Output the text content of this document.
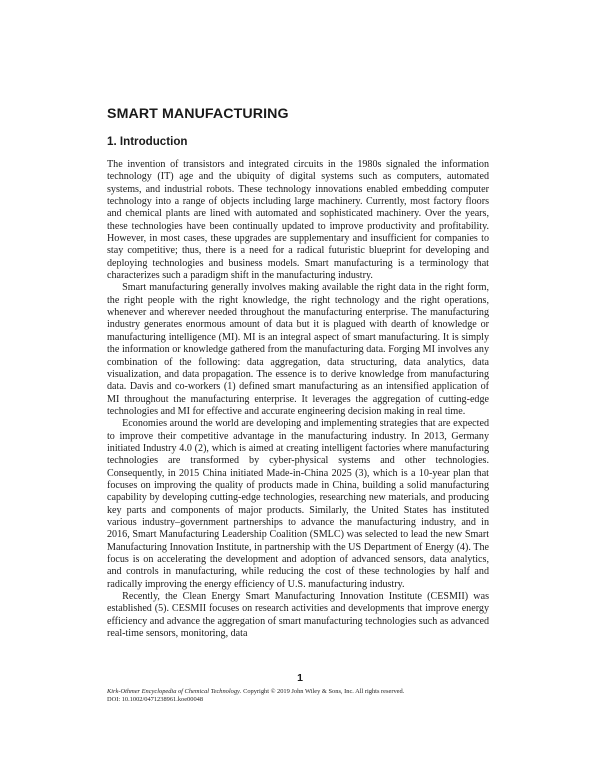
SMART MANUFACTURING
1. Introduction

The invention of transistors and integrated circuits in the 1980s signaled the information technology (IT) age and the ubiquity of digital systems such as computers, automated systems, and industrial robots. These technology innovations enabled embedding computer technology into a range of objects including large machinery. Currently, most factory floors and chemical plants are lined with automated and sophisticated machinery. Over the years, these technologies have been continually updated to improve productivity and profitability. However, in most cases, these upgrades are supplementary and insufficient for companies to stay competitive; thus, there is a need for a radical futuristic blueprint for developing and deploying technologies and business models. Smart manufacturing is a terminology that characterizes such a paradigm shift in the manufacturing industry.

Smart manufacturing generally involves making available the right data in the right form, the right people with the right knowledge, the right technology and the right operations, whenever and wherever needed throughout the manufacturing enterprise. The manufacturing industry generates enormous amount of data but it is plagued with dearth of knowledge or manufacturing intelligence (MI). MI is an integral aspect of smart manufacturing. It is simply the information or knowledge gathered from the manufacturing data. Forging MI involves any combination of the following: data aggregation, data structuring, data analytics, data visualization, and data propagation. The essence is to derive knowledge from manufacturing data. Davis and co-workers (1) defined smart manufacturing as an intensified application of MI throughout the manufacturing enterprise. It leverages the aggregation of cutting-edge technologies and MI for effective and accurate engineering decision making in real time.

Economies around the world are developing and implementing strategies that are expected to improve their competitive advantage in the manufacturing industry. In 2013, Germany initiated Industry 4.0 (2), which is aimed at creating intelligent factories where manufacturing technologies are transformed by cyber-physical systems and other technologies. Consequently, in 2015 China initiated Made-in-China 2025 (3), which is a 10-year plan that focuses on improving the quality of products made in China, building a solid manufacturing capability by developing cutting-edge technologies, researching new materials, and producing key parts and components of major products. Similarly, the United States has instituted various industry–government partnerships to advance the manufacturing industry, and in 2016, Smart Manufacturing Leadership Coalition (SMLC) was selected to lead the new Smart Manufacturing Innovation Institute, in partnership with the US Department of Energy (4). The focus is on accelerating the development and adoption of advanced sensors, data analytics, and controls in manufacturing, while reducing the cost of these technologies by half and radically improving the energy efficiency of U.S. manufacturing industry.

Recently, the Clean Energy Smart Manufacturing Innovation Institute (CESMII) was established (5). CESMII focuses on research activities and developments that improve energy efficiency and advance the aggregation of smart manufacturing technologies such as advanced real-time sensors, monitoring, data

1
Kirk-Othmer Encyclopedia of Chemical Technology. Copyright © 2019 John Wiley & Sons, Inc. All rights reserved.
DOI: 10.1002/0471238961.koe00048
